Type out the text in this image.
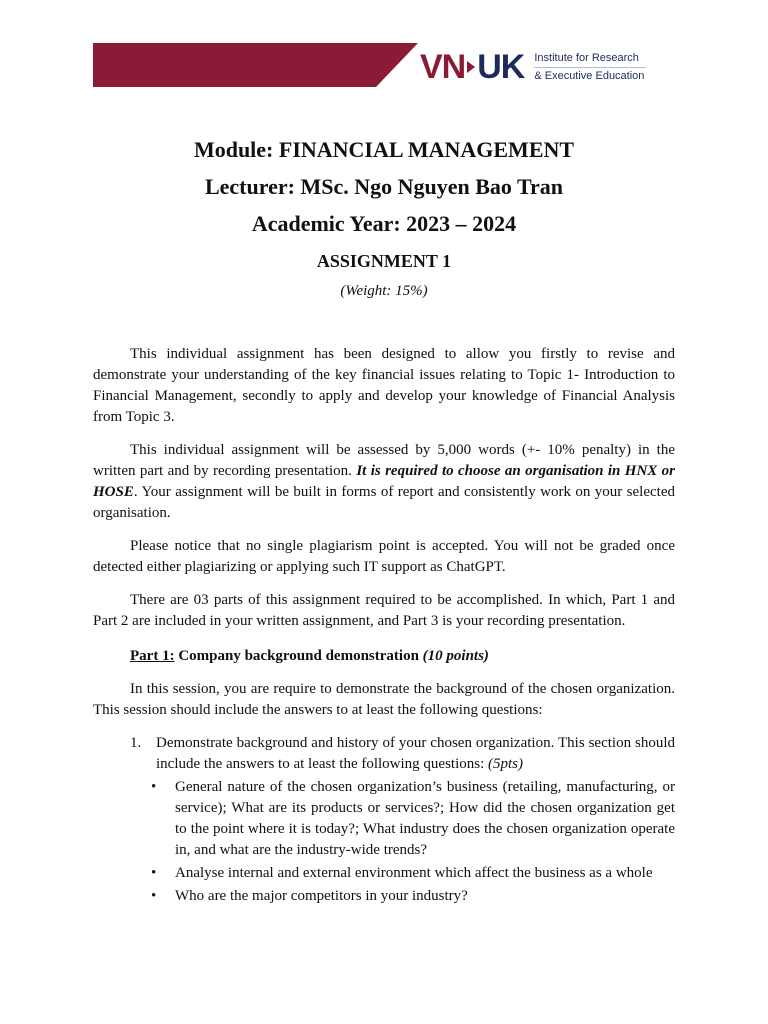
VN UK Institute for Research
& Executive Education

Module: FINANCIAL MANAGEMENT

Lecturer: MSc. Ngo Nguyen Bao Tran

Academic Year: 2023 – 2024

ASSIGNMENT 1

(Weight: 15%)

This individual assignment has been designed to allow you firstly to revise and demonstrate your understanding of the key financial issues relating to Topic 1- Introduction to Financial Management, secondly to apply and develop your knowledge of Financial Analysis from Topic 3.

This individual assignment will be assessed by 5,000 words (+- 10% penalty) in the written part and by recording presentation. It is required to choose an organisation in HNX or HOSE. Your assignment will be built in forms of report and consistently work on your selected organisation.

Please notice that no single plagiarism point is accepted. You will not be graded once detected either plagiarizing or applying such IT support as ChatGPT.

There are 03 parts of this assignment required to be accomplished. In which, Part 1 and Part 2 are included in your written assignment, and Part 3 is your recording presentation.

Part 1: Company background demonstration (10 points)

In this session, you are require to demonstrate the background of the chosen organization. This session should include the answers to at least the following questions:

1. Demonstrate background and history of your chosen organization. This section should include the answers to at least the following questions: (5pts)
• General nature of the chosen organization’s business (retailing, manufacturing, or service); What are its products or services?; How did the chosen organization get to the point where it is today?; What industry does the chosen organization operate in, and what are the industry-wide trends?
• Analyse internal and external environment which affect the business as a whole
• Who are the major competitors in your industry?
